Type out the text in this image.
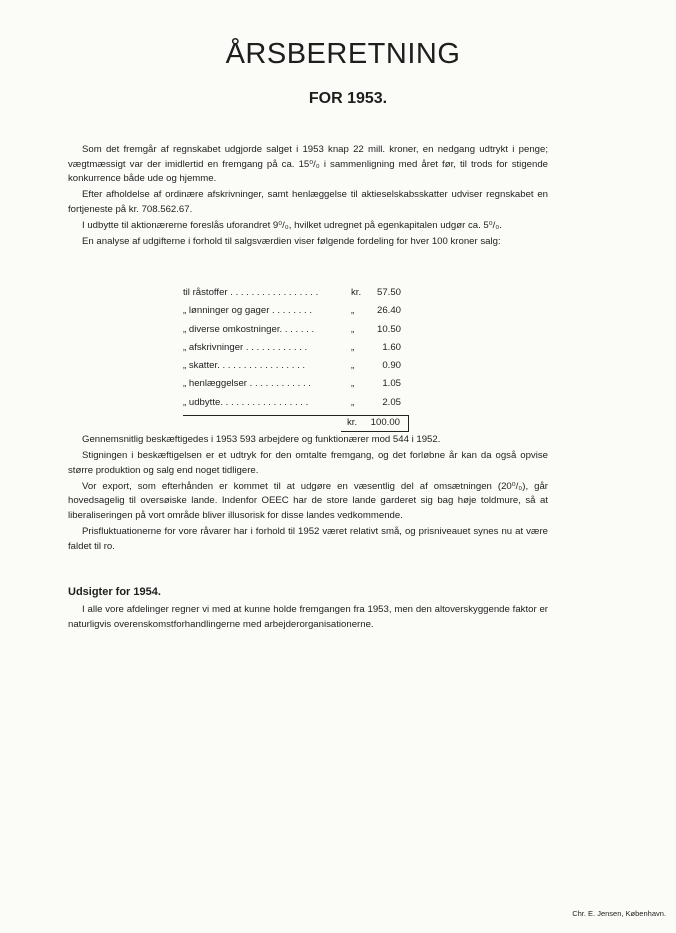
ÅRSBERETNING
FOR 1953.

Som det fremgår af regnskabet udgjorde salget i 1953 knap 22 mill. kroner, en nedgang udtrykt i penge; vægtmæssigt var der imidlertid en fremgang på ca. 15⁰/₀ i sammenligning med året før, til trods for stigende konkurrence både ude og hjemme.

Efter afholdelse af ordinære afskrivninger, samt henlæggelse til aktieselskabsskatter udviser regnskabet en fortjeneste på kr. 708.562.67.

I udbytte til aktionærerne foreslås uforandret 9⁰/₀, hvilket udregnet på egenkapitalen udgør ca. 5⁰/₀.

En analyse af udgifterne i forhold til salgsværdien viser følgende fordeling for hver 100 kroner salg:

til råstoffer . . . . . . . . . . . . . . . . .	kr. 57.50
„ lønninger og gager . . . . . . . .	„ 26.40
„ diverse omkostninger. . . . . . .	„ 10.50
„ afskrivninger . . . . . . . . . . . .	„	1.60
„ skatter. . . . . . . . . . . . . . . . .	„	0.90
„ henlæggelser . . . . . . . . . . . .	„	1.05
„ udbytte. . . . . . . . . . . . . . . . .	„	2.05
kr. 100.00

Gennemsnitlig beskæftigedes i 1953 593 arbejdere og funktionærer mod 544 i 1952.

Stigningen i beskæftigelsen er et udtryk for den omtalte fremgang, og det forløbne år kan da også opvise større produktion og salg end noget tidligere.

Vor export, som efterhånden er kommet til at udgøre en væsentlig del af omsætningen (20⁰/₀), går hovedsagelig til oversøiske lande. Indenfor OEEC har de store lande garderet sig bag høje toldmure, så at liberaliseringen på vort område bliver illusorisk for disse landes vedkommende.

Prisfluktuationerne for vore råvarer har i forhold til 1952 været relativt små, og prisniveauet synes nu at være faldet til ro.

Udsigter for 1954.

I alle vore afdelinger regner vi med at kunne holde fremgangen fra 1953, men den altoverskyggende faktor er naturligvis overenskomstforhandlingerne med arbejderorganisationerne.

Chr. E. Jensen, København.
